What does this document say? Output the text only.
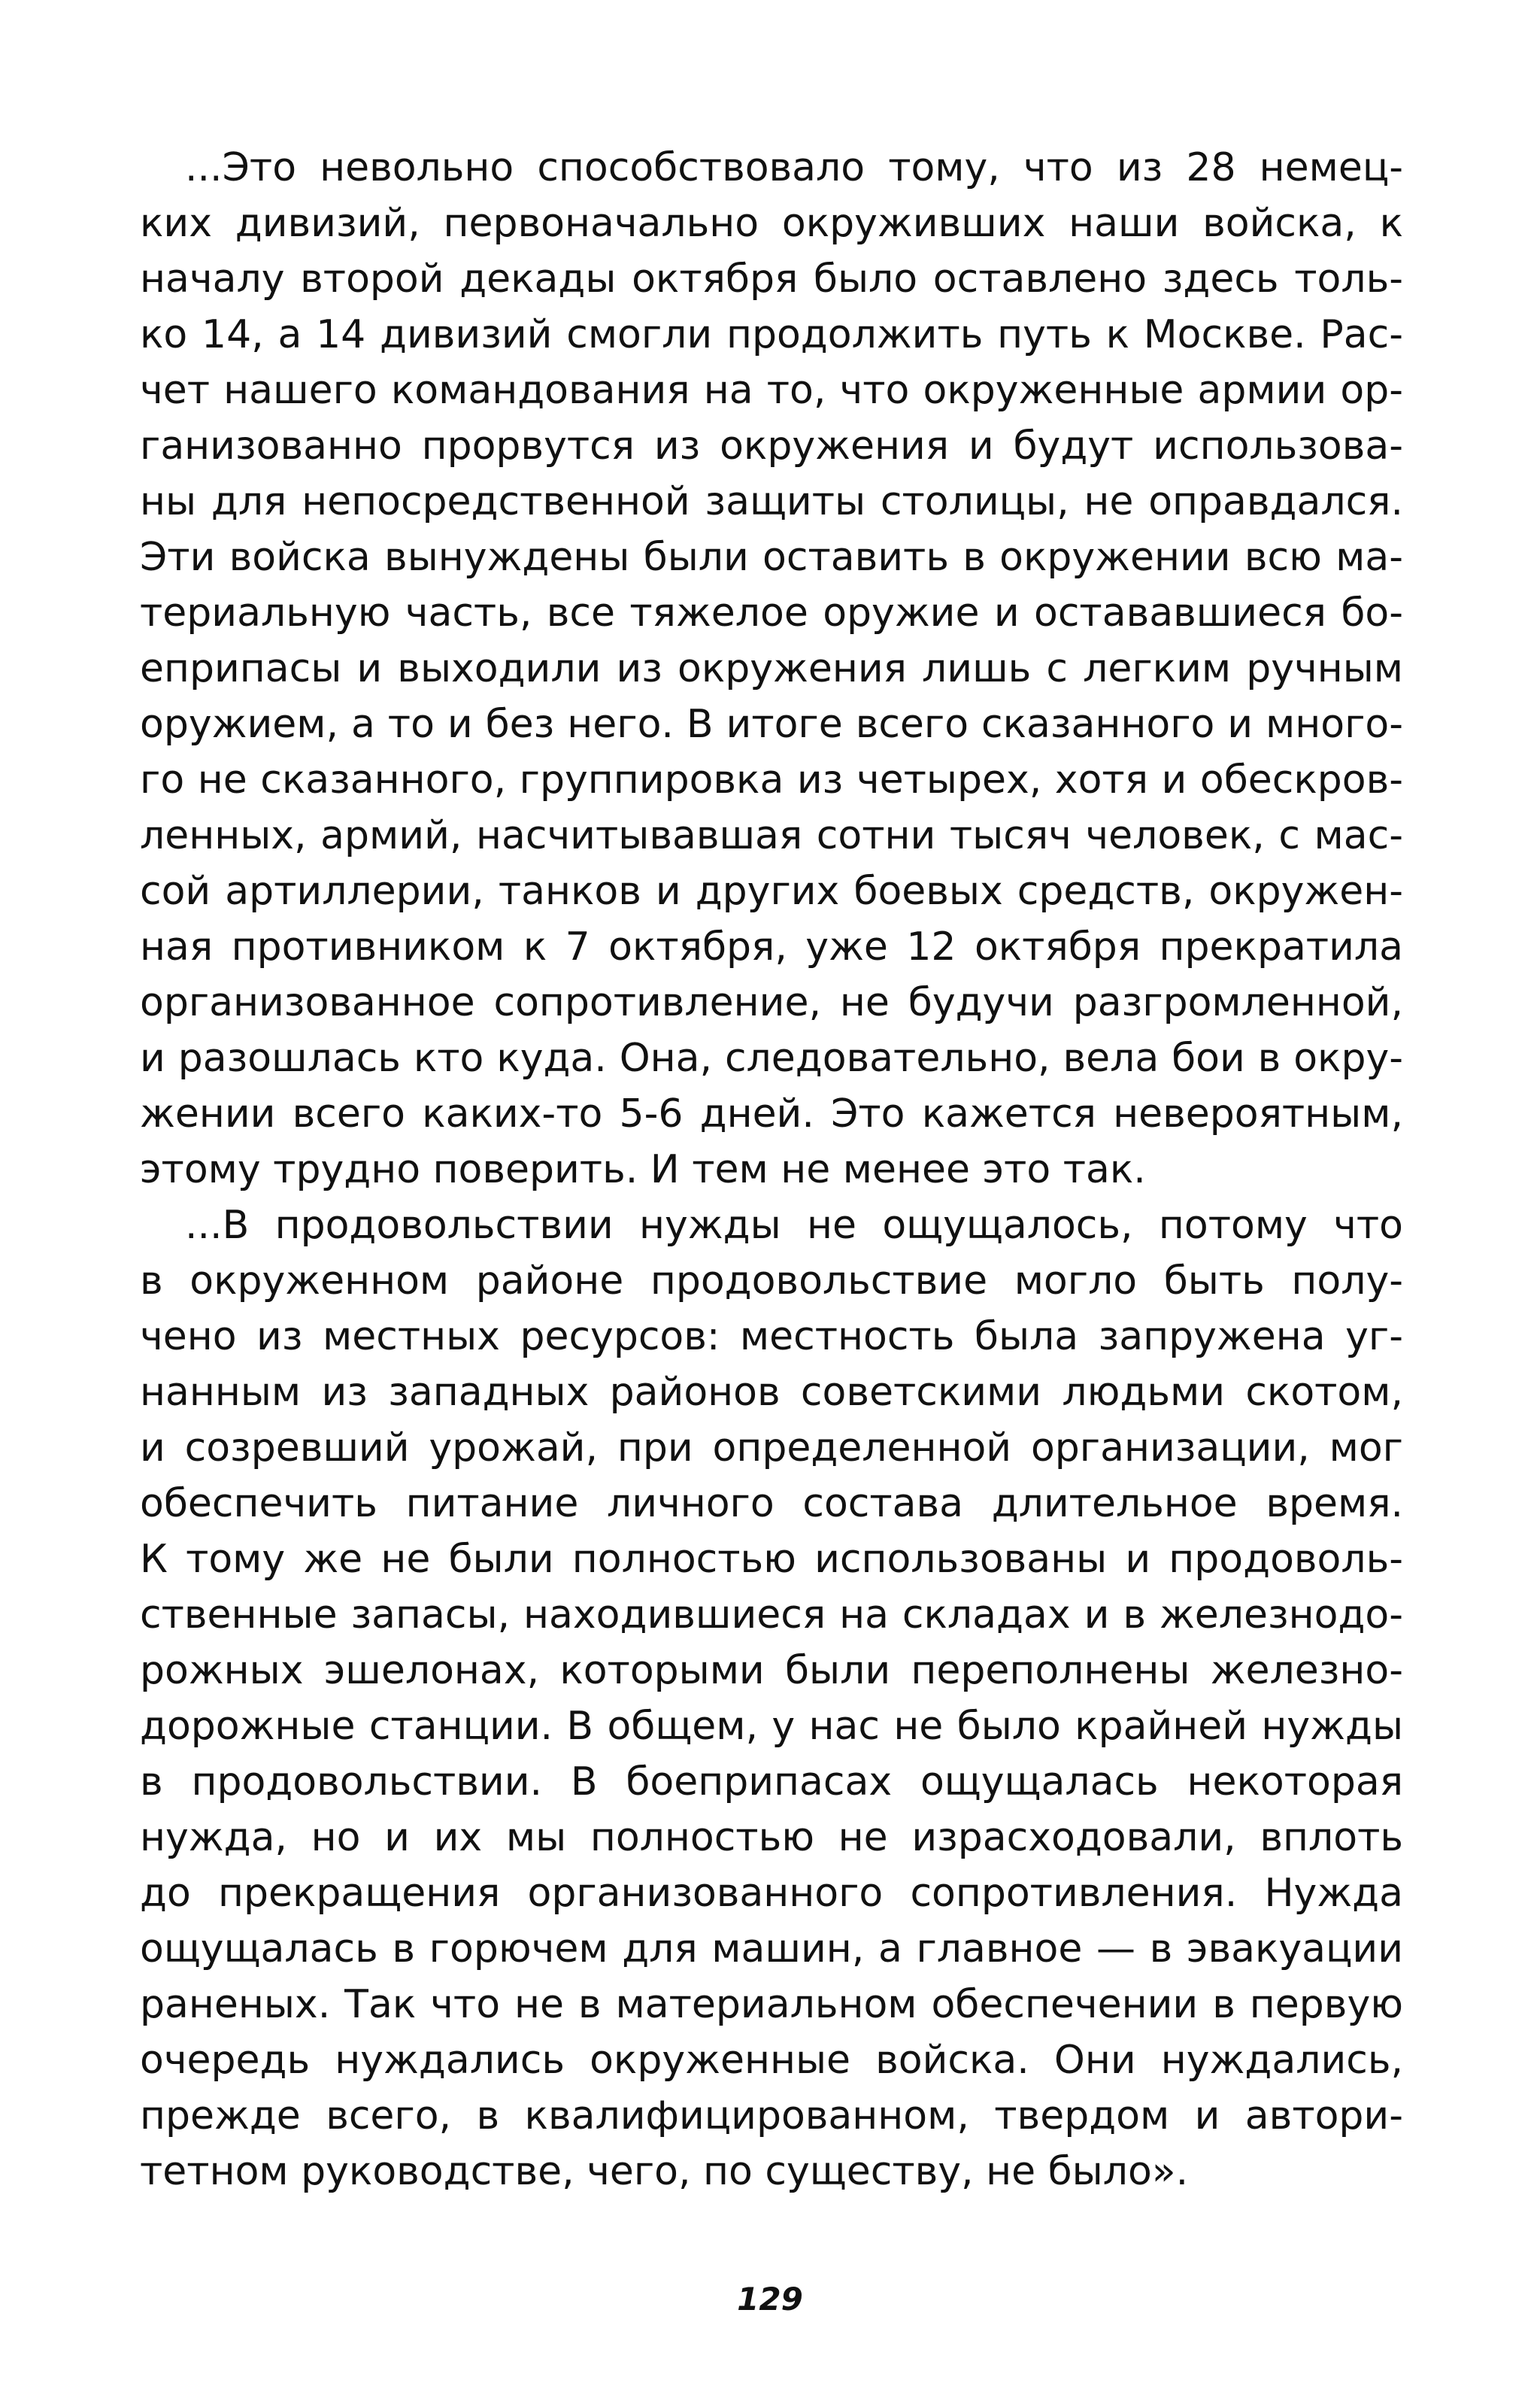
...Это невольно способствовало тому, что из 28 немец-
ких дивизий, первоначально окруживших наши войска, к
началу второй декады октября было оставлено здесь толь-
ко 14, а 14 дивизий смогли продолжить путь к Москве. Рас-
чет нашего командования на то, что окруженные армии ор-
ганизованно прорвутся из окружения и будут использова-
ны для непосредственной защиты столицы, не оправдался.
Эти войска вынуждены были оставить в окружении всю ма-
териальную часть, все тяжелое оружие и остававшиеся бо-
еприпасы и выходили из окружения лишь с легким ручным
оружием, а то и без него. В итоге всего сказанного и много-
го не сказанного, группировка из четырех, хотя и обескров-
ленных, армий, насчитывавшая сотни тысяч человек, с мас-
сой артиллерии, танков и других боевых средств, окружен-
ная противником к 7 октября, уже 12 октября прекратила
организованное сопротивление, не будучи разгромленной,
и разошлась кто куда. Она, следовательно, вела бои в окру-
жении всего каких-то 5-6 дней. Это кажется невероятным,
этому трудно поверить. И тем не менее это так.
...В продовольствии нужды не ощущалось, потому что
в окруженном районе продовольствие могло быть полу-
чено из местных ресурсов: местность была запружена уг-
нанным из западных районов советскими людьми скотом,
и созревший урожай, при определенной организации, мог
обеспечить питание личного состава длительное время.
К тому же не были полностью использованы и продоволь-
ственные запасы, находившиеся на складах и в железнодо-
рожных эшелонах, которыми были переполнены железно-
дорожные станции. В общем, у нас не было крайней нужды
в продовольствии. В боеприпасах ощущалась некоторая
нужда, но и их мы полностью не израсходовали, вплоть
до прекращения организованного сопротивления. Нужда
ощущалась в горючем для машин, а главное — в эвакуации
раненых. Так что не в материальном обеспечении в первую
очередь нуждались окруженные войска. Они нуждались,
прежде всего, в квалифицированном, твердом и автори-
тетном руководстве, чего, по существу, не было».
129
